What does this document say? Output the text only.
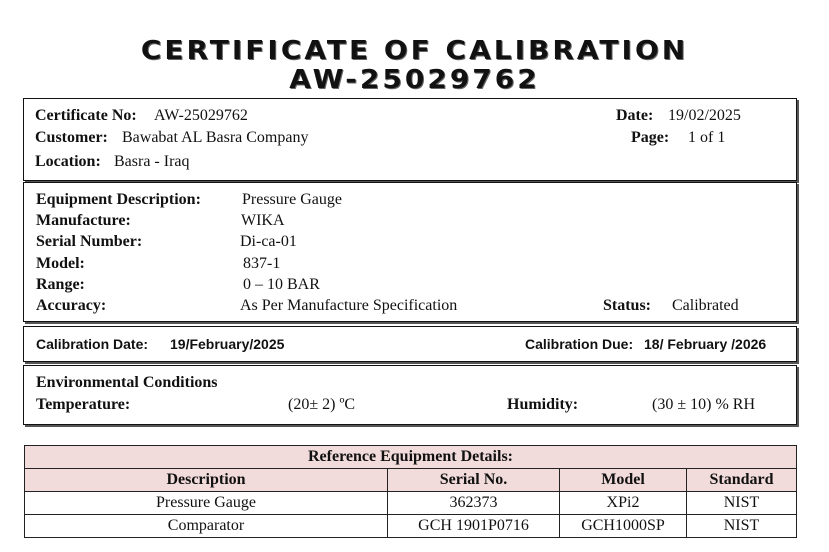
CERTIFICATE OF CALIBRATION
AW-25029762
Certificate No: AW-25029762
Customer: Bawabat AL Basra Company
Location: Basra - Iraq
Date: 19/02/2025
Page: 1 of 1
Equipment Description:	Pressure Gauge
Manufacture:	WIKA
Serial Number:	Di-ca-01
Model:	837-1
Range:	0 – 10 BAR
Accuracy:	As Per Manufacture Specification	Status: Calibrated
Calibration Date: 19/February/2025	Calibration Due: 18/ February /2026
Environmental Conditions
Temperature:	(20± 2) ºC	Humidity:	(30 ± 10) % RH
Reference Equipment Details:			
Description	Serial No.	Model	Standard
Pressure Gauge	362373	XPi2	NIST
Comparator	GCH 1901P0716	GCH1000SP	NIST
